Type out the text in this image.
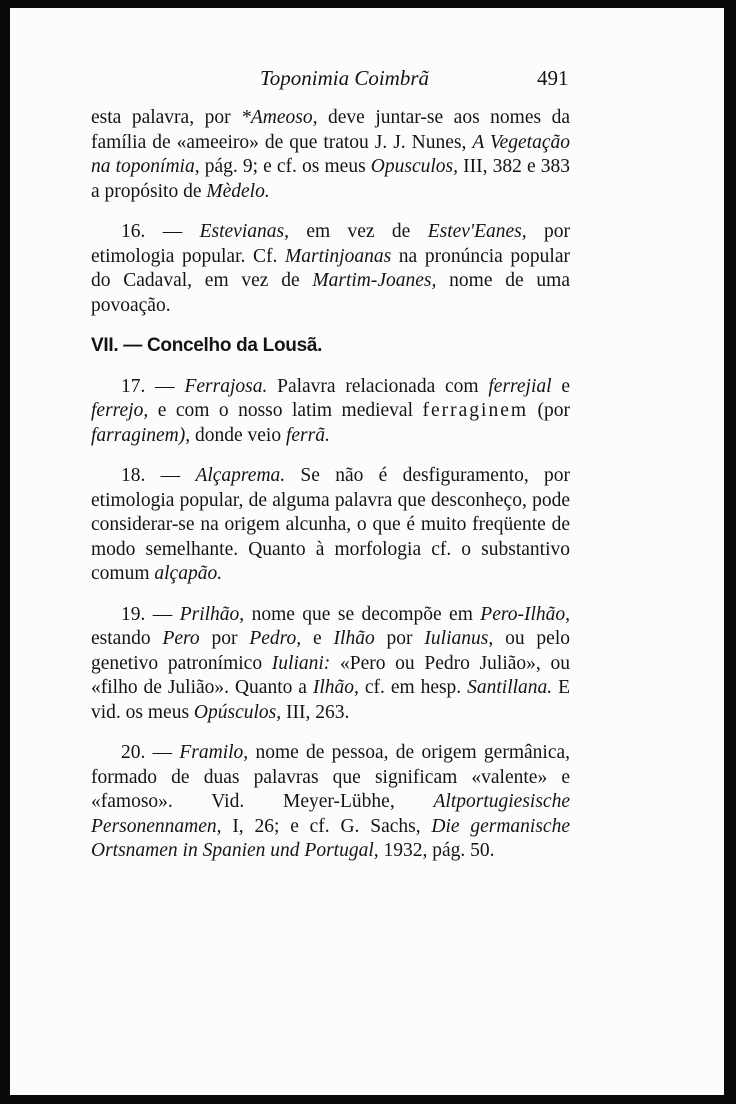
Toponimia Coimbrã	491

esta palavra, por *Ameoso, deve juntar-se aos nomes da família de «ameeiro» de que tratou J. J. Nunes, A Vegetação na toponímia, pág. 9; e cf. os meus Opusculos, III, 382 e 383 a propósito de Mèdelo.

16. — Estevianas, em vez de Estev'Eanes, por etimologia popular. Cf. Martinjoanas na pronúncia popular do Cadaval, em vez de Martim-Joanes, nome de uma povoação.

VII. — Concelho da Lousã.

17. — Ferrajosa. Palavra relacionada com ferrejial e ferrejo, e com o nosso latim medieval ferraginem (por farraginem), donde veio ferrã.

18. — Alçaprema. Se não é desfiguramento, por etimologia popular, de alguma palavra que desconheço, pode considerar-se na origem alcunha, o que é muito freqüente de modo semelhante. Quanto à morfologia cf. o substantivo comum alçapão.

19. — Prilhão, nome que se decompõe em Pero-Ilhão, estando Pero por Pedro, e Ilhão por Iulianus, ou pelo genetivo patronímico Iuliani: «Pero ou Pedro Julião», ou «filho de Julião». Quanto a Ilhão, cf. em hesp. Santillana. E vid. os meus Opúsculos, III, 263.

20. — Framilo, nome de pessoa, de origem germânica, formado de duas palavras que significam «valente» e «famoso». Vid. Meyer-Lübhe, Altportugiesische Personennamen, I, 26; e cf. G. Sachs, Die germanische Ortsnamen in Spanien und Portugal, 1932, pág. 50.
